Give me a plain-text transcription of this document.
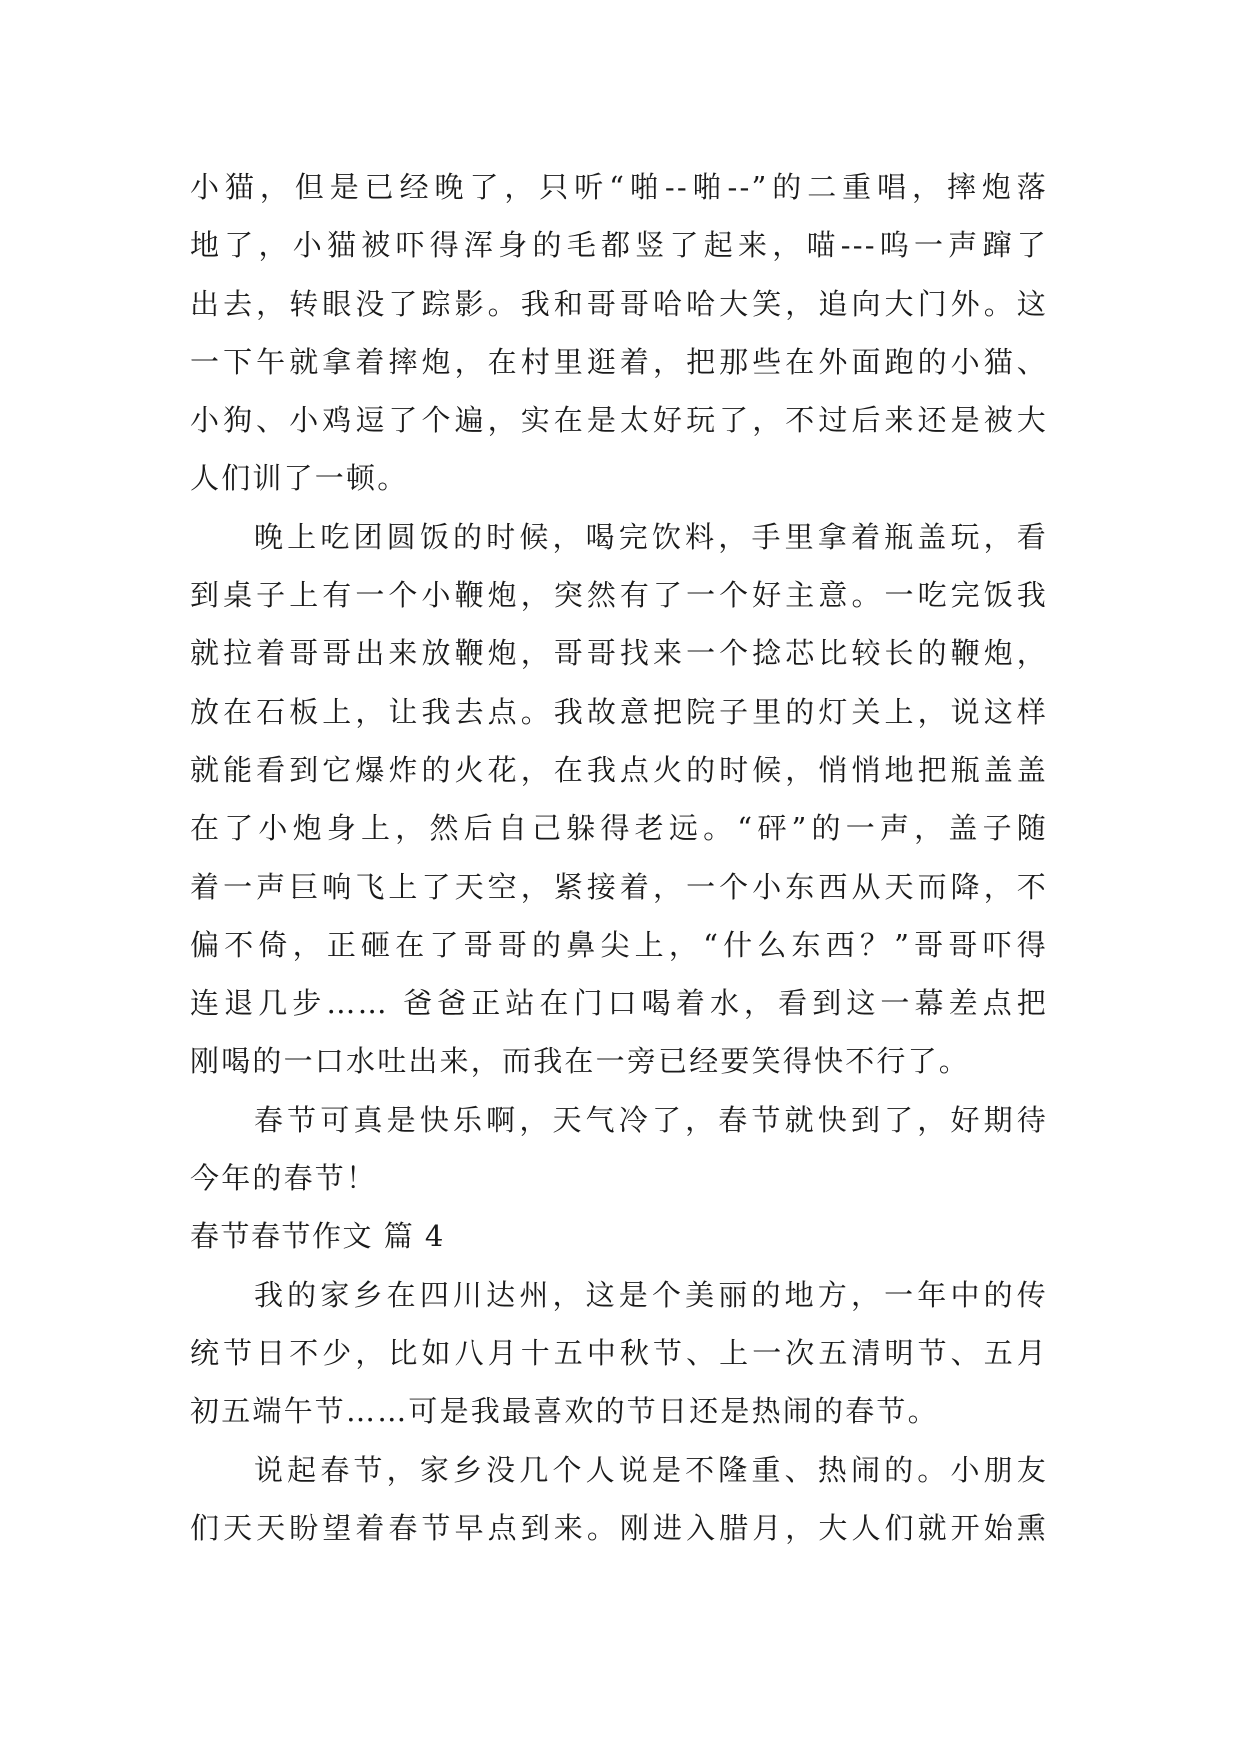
小猫，但是已经晚了，只听“啪--啪--”的二重唱，摔炮落
地了，小猫被吓得浑身的毛都竖了起来，喵---呜一声蹿了
出去，转眼没了踪影。我和哥哥哈哈大笑，追向大门外。这
一下午就拿着摔炮，在村里逛着，把那些在外面跑的小猫、
小狗、小鸡逗了个遍，实在是太好玩了，不过后来还是被大
人们训了一顿。
晚上吃团圆饭的时候，喝完饮料，手里拿着瓶盖玩，看
到桌子上有一个小鞭炮，突然有了一个好主意。一吃完饭我
就拉着哥哥出来放鞭炮，哥哥找来一个捻芯比较长的鞭炮，
放在石板上，让我去点。我故意把院子里的灯关上，说这样
就能看到它爆炸的火花，在我点火的时候，悄悄地把瓶盖盖
在了小炮身上，然后自己躲得老远。“砰”的一声，盖子随
着一声巨响飞上了天空，紧接着，一个小东西从天而降，不
偏不倚，正砸在了哥哥的鼻尖上，“什么东西？”哥哥吓得
连退几步…… 爸爸正站在门口喝着水，看到这一幕差点把
刚喝的一口水吐出来，而我在一旁已经要笑得快不行了。
春节可真是快乐啊，天气冷了，春节就快到了，好期待
今年的春节！
春节春节作文 篇 4
我的家乡在四川达州，这是个美丽的地方，一年中的传
统节日不少，比如八月十五中秋节、上一次五清明节、五月
初五端午节……可是我最喜欢的节日还是热闹的春节。
说起春节，家乡没几个人说是不隆重、热闹的。小朋友
们天天盼望着春节早点到来。刚进入腊月，大人们就开始熏
